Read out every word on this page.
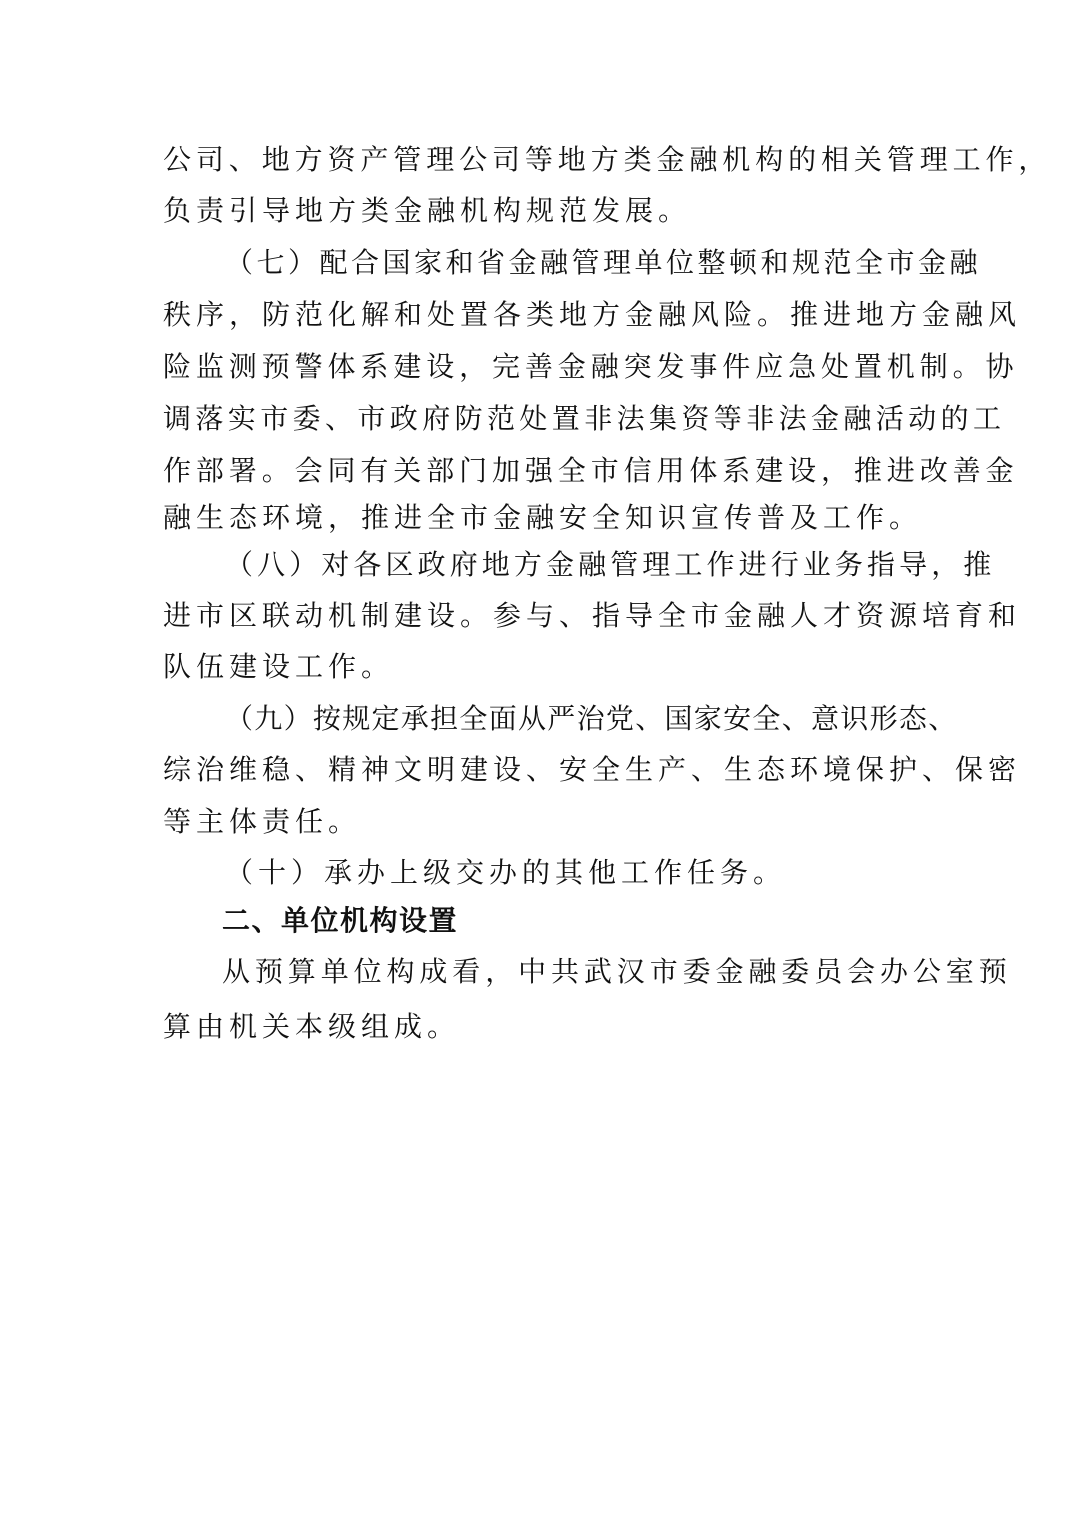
公司、地方资产管理公司等地方类金融机构的相关管理工作，
负责引导地方类金融机构规范发展。
（七）配合国家和省金融管理单位整顿和规范全市金融
秩序，防范化解和处置各类地方金融风险。推进地方金融风
险监测预警体系建设，完善金融突发事件应急处置机制。协
调落实市委、市政府防范处置非法集资等非法金融活动的工
作部署。会同有关部门加强全市信用体系建设，推进改善金
融生态环境，推进全市金融安全知识宣传普及工作。
（八）对各区政府地方金融管理工作进行业务指导，推
进市区联动机制建设。参与、指导全市金融人才资源培育和
队伍建设工作。
（九）按规定承担全面从严治党、国家安全、意识形态、
综治维稳、精神文明建设、安全生产、生态环境保护、保密
等主体责任。
（十）承办上级交办的其他工作任务。
二、单位机构设置
从预算单位构成看，中共武汉市委金融委员会办公室预
算由机关本级组成。
